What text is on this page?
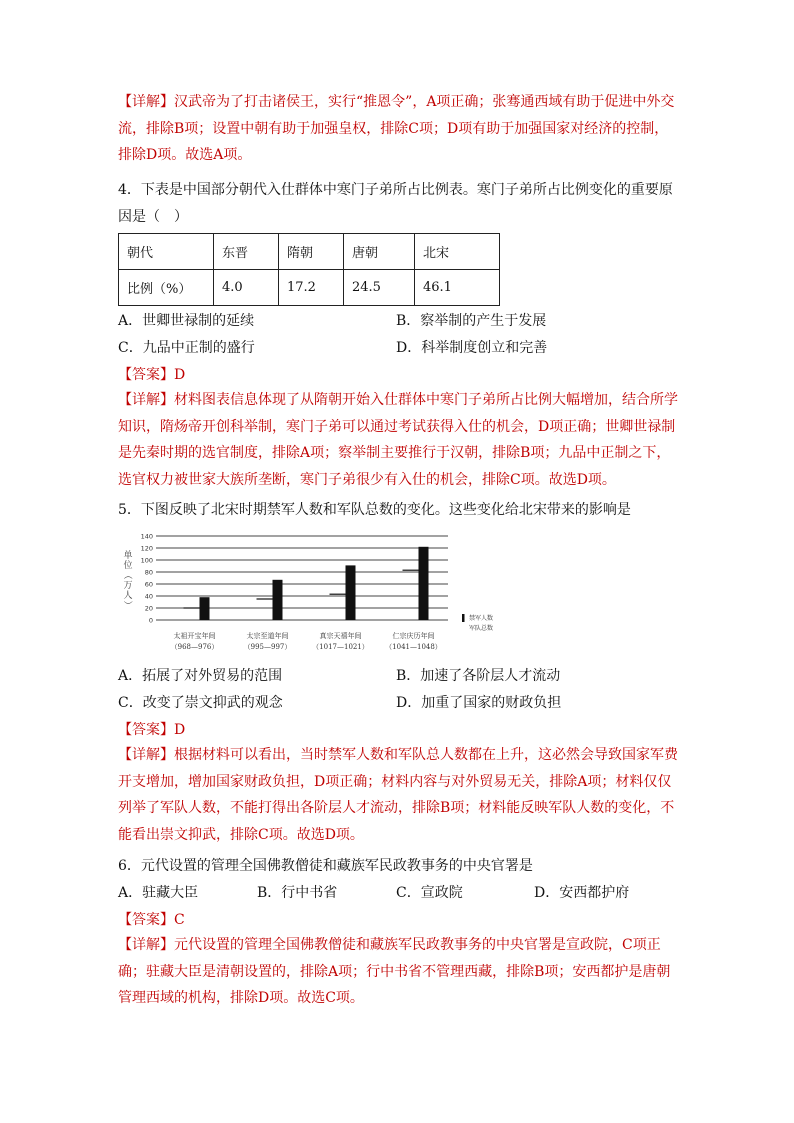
【详解】汉武帝为了打击诸侯王，实行“推恩令”，A项正确；张骞通西域有助于促进中外交流，排除B项；设置中朝有助于加强皇权，排除C项；D项有助于加强国家对经济的控制，排除D项。故选A项。

4．下表是中国部分朝代入仕群体中寒门子弟所占比例表。寒门子弟所占比例变化的重要原因是（　）

朝代	东晋	隋朝	唐朝	北宋
比例（%）	4.0	17.2	24.5	46.1
A．世卿世禄制的延续	B．察举制的产生于发展
C．九品中正制的盛行	D．科举制度创立和完善
【答案】D

【详解】材料图表信息体现了从隋朝开始入仕群体中寒门子弟所占比例大幅增加，结合所学知识，隋炀帝开创科举制，寒门子弟可以通过考试获得入仕的机会，D项正确；世卿世禄制是先秦时期的选官制度，排除A项；察举制主要推行于汉朝，排除B项；九品中正制之下，选官权力被世家大族所垄断，寒门子弟很少有入仕的机会，排除C项。故选D项。

5．下图反映了北宋时期禁军人数和军队总数的变化。这些变化给北宋带来的影响是
140
120
100
80
60
40
20
0
单
位
（
万
人
）
太祖开宝年间
（968—976）
太宗至道年间
（995—997）
真宗天禧年间
（1017—1021）
仁宗庆历年间
（1041—1048）
禁军人数
军队总数
A．拓展了对外贸易的范围	B．加速了各阶层人才流动
C．改变了崇文抑武的观念	D．加重了国家的财政负担
【答案】D

【详解】根据材料可以看出，当时禁军人数和军队总人数都在上升，这必然会导致国家军费开支增加，增加国家财政负担，D项正确；材料内容与对外贸易无关，排除A项；材料仅仅列举了军队人数，不能打得出各阶层人才流动，排除B项；材料能反映军队人数的变化，不能看出崇文抑武，排除C项。故选D项。

6．元代设置的管理全国佛教僧徒和藏族军民政教事务的中央官署是
A．驻藏大臣	B．行中书省	C．宣政院	D．安西都护府
【答案】C

【详解】元代设置的管理全国佛教僧徒和藏族军民政教事务的中央官署是宣政院，C项正确；驻藏大臣是清朝设置的，排除A项；行中书省不管理西藏，排除B项；安西都护是唐朝管理西域的机构，排除D项。故选C项。
